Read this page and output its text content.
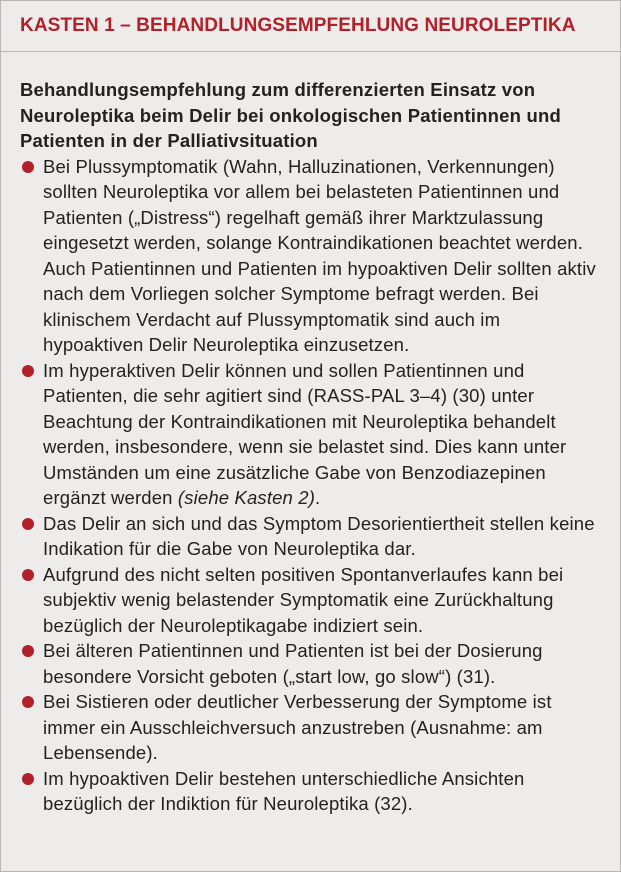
KASTEN 1 – BEHANDLUNGSEMPFEHLUNG NEUROLEPTIKA

Behandlungsempfehlung zum differenzierten Einsatz von Neuroleptika beim Delir bei onkologischen Patientinnen und Patienten in der Palliativsituation

Bei Plussymptomatik (Wahn, Halluzinationen, Verkennungen) sollten Neuroleptika vor allem bei belasteten Patientinnen und Patienten („Distress“) regelhaft gemäß ihrer Marktzulassung eingesetzt werden, solange Kontraindikationen beachtet werden. Auch Patientinnen und Patienten im hypoaktiven Delir sollten aktiv nach dem Vorliegen solcher Symptome befragt werden. Bei klinischem Verdacht auf Plussymptomatik sind auch im hypoaktiven Delir Neuroleptika einzusetzen.
Im hyperaktiven Delir können und sollen Patientinnen und Patienten, die sehr agitiert sind (RASS-PAL 3–4) (30) unter Beachtung der Kontraindikationen mit Neuroleptika behandelt werden, insbesondere, wenn sie belastet sind. Dies kann unter Umständen um eine zusätzliche Gabe von Benzodiazepinen ergänzt werden (siehe Kasten 2).
Das Delir an sich und das Symptom Desorientiertheit stellen keine Indikation für die Gabe von Neuroleptika dar.
Aufgrund des nicht selten positiven Spontanverlaufes kann bei subjektiv wenig belastender Symptomatik eine Zurückhaltung bezüglich der Neuroleptikagabe indiziert sein.
Bei älteren Patientinnen und Patienten ist bei der Dosierung besondere Vorsicht geboten („start low, go slow“) (31).
Bei Sistieren oder deutlicher Verbesserung der Symptome ist immer ein Ausschleichversuch anzustreben (Ausnahme: am Lebensende).
Im hypoaktiven Delir bestehen unterschiedliche Ansichten bezüglich der Indiktion für Neuroleptika (32).
